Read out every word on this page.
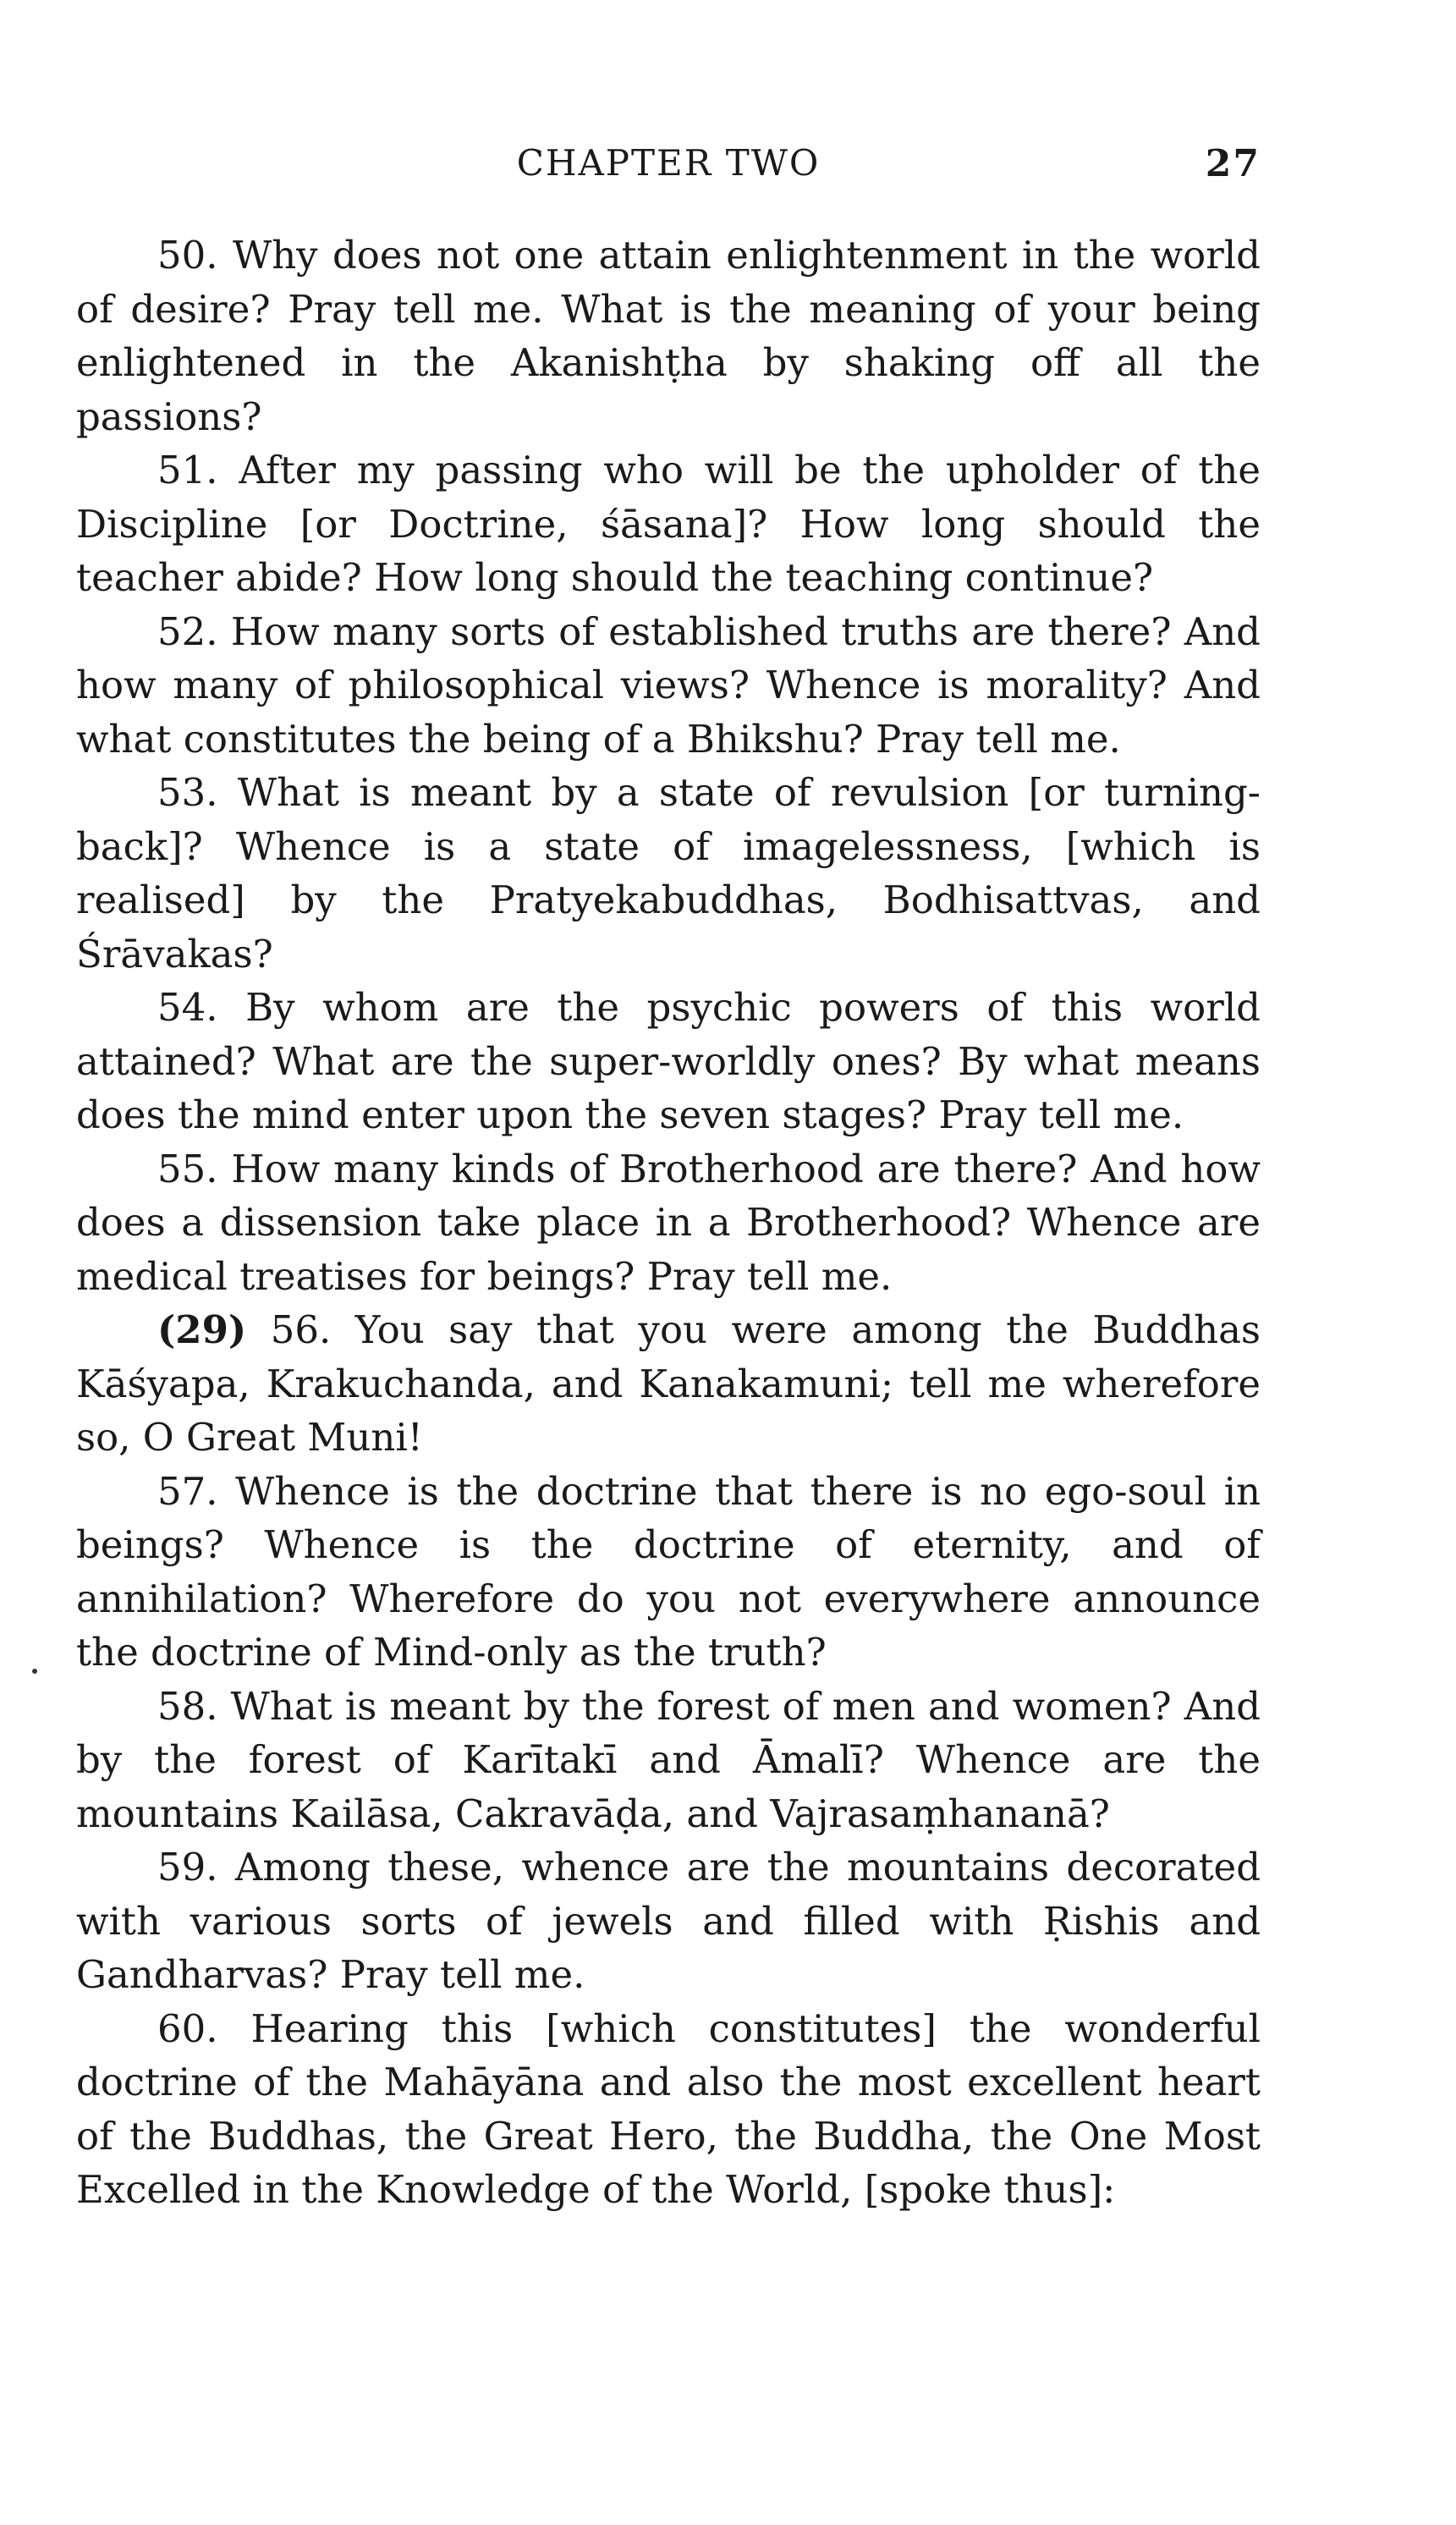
CHAPTER TWO	27

50. Why does not one attain enlightenment in the world of desire? Pray tell me. What is the meaning of your being enlightened in the Akanishṭha by shaking off all the passions?

51. After my passing who will be the upholder of the Discipline [or Doctrine, śāsana]? How long should the teacher abide? How long should the teaching continue?

52. How many sorts of established truths are there? And how many of philosophical views? Whence is morality? And what constitutes the being of a Bhikshu? Pray tell me.

53. What is meant by a state of revulsion [or turning-back]? Whence is a state of imagelessness, [which is realised] by the Pratyekabuddhas, Bodhisattvas, and Śrāvakas?

54. By whom are the psychic powers of this world attained? What are the super-worldly ones? By what means does the mind enter upon the seven stages? Pray tell me.

55. How many kinds of Brotherhood are there? And how does a dissension take place in a Brotherhood? Whence are medical treatises for beings? Pray tell me.

(29) 56. You say that you were among the Buddhas Kāśyapa, Krakuchanda, and Kanakamuni; tell me wherefore so, O Great Muni!

57. Whence is the doctrine that there is no ego-soul in beings? Whence is the doctrine of eternity, and of annihilation? Wherefore do you not everywhere announce the doctrine of Mind-only as the truth?

58. What is meant by the forest of men and women? And by the forest of Karītakī and Āmalī? Whence are the mountains Kailāsa, Cakravāḍa, and Vajrasaṃhananā?

59. Among these, whence are the mountains decorated with various sorts of jewels and filled with Ṛishis and Gandharvas? Pray tell me.

60. Hearing this [which constitutes] the wonderful doctrine of the Mahāyāna and also the most excellent heart of the Buddhas, the Great Hero, the Buddha, the One Most Excelled in the Knowledge of the World, [spoke thus]:
